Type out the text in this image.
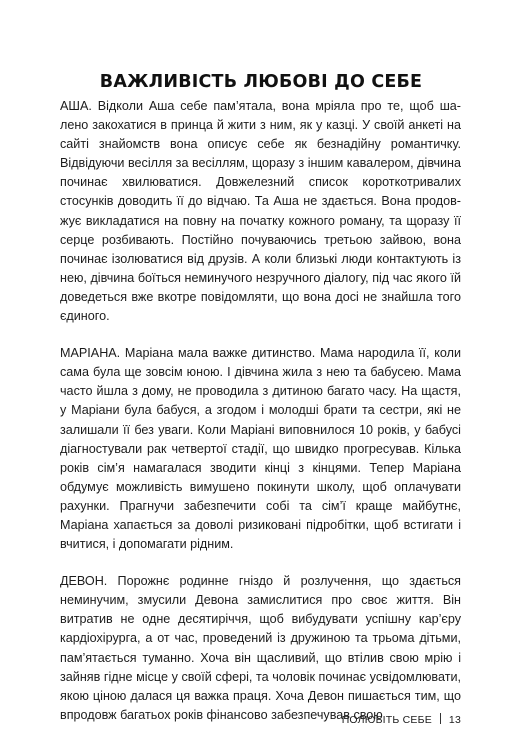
ВАЖЛИВІСТЬ ЛЮБОВІ ДО СЕБЕ

АША. Відколи Аша себе пам’ятала, вона мріяла про те, щоб шалено закохатися в принца й жити з ним, як у казці. У своїй анкеті на сайті знайомств вона описує себе як безнадійну романтичку. Відвідуючи весілля за весіллям, щоразу з іншим кавалером, дівчина починає хвилюватися. Довжелезний список короткотривалих стосунків доводить її до відчаю. Та Аша не здається. Вона продовжує викладатися на повну на початку кожного роману, та щоразу її серце розбивають. Постійно почуваючись третьою зайвою, вона починає ізолюватися від друзів. А коли близькі люди контактують із нею, дівчина боїться неминучого незручного діалогу, під час якого їй доведеться вже вкотре повідомляти, що вона досі не знайшла того єдиного.

МАРІАНА. Маріана мала важке дитинство. Мама народила її, коли сама була ще зовсім юною. І дівчина жила з нею та бабусею. Мама часто йшла з дому, не проводила з дитиною багато часу. На щастя, у Маріани була бабуся, а згодом і молодші брати та сестри, які не залишали її без уваги. Коли Маріані виповнилося 10 років, у бабусі діагностували рак четвертої стадії, що швидко прогресував. Кілька років сім’я намагалася зводити кінці з кінцями. Тепер Маріана обдумує можливість вимушено покинути школу, щоб оплачувати рахунки. Прагнучи забезпечити собі та сім’ї краще майбутнє, Маріана хапається за доволі ризиковані підробітки, щоб встигати і вчитися, і допомагати рідним.

ДЕВОН. Порожнє родинне гніздо й розлучення, що здається неминучим, змусили Девона замислитися про своє життя. Він витратив не одне десятиріччя, щоб вибудувати успішну кар’єру кардіохірурга, а от час, проведений із дружиною та трьома дітьми, пам’ятається туманно. Хоча він щасливий, що втілив свою мрію і зайняв гідне місце у своїй сфері, та чоловік починає усвідомлювати, якою ціною далася ця важка праця. Хоча Девон пишається тим, що впродовж багатьох років фінансово забезпечував свою

ПОЛЮБІТЬ СЕБЕ 13
